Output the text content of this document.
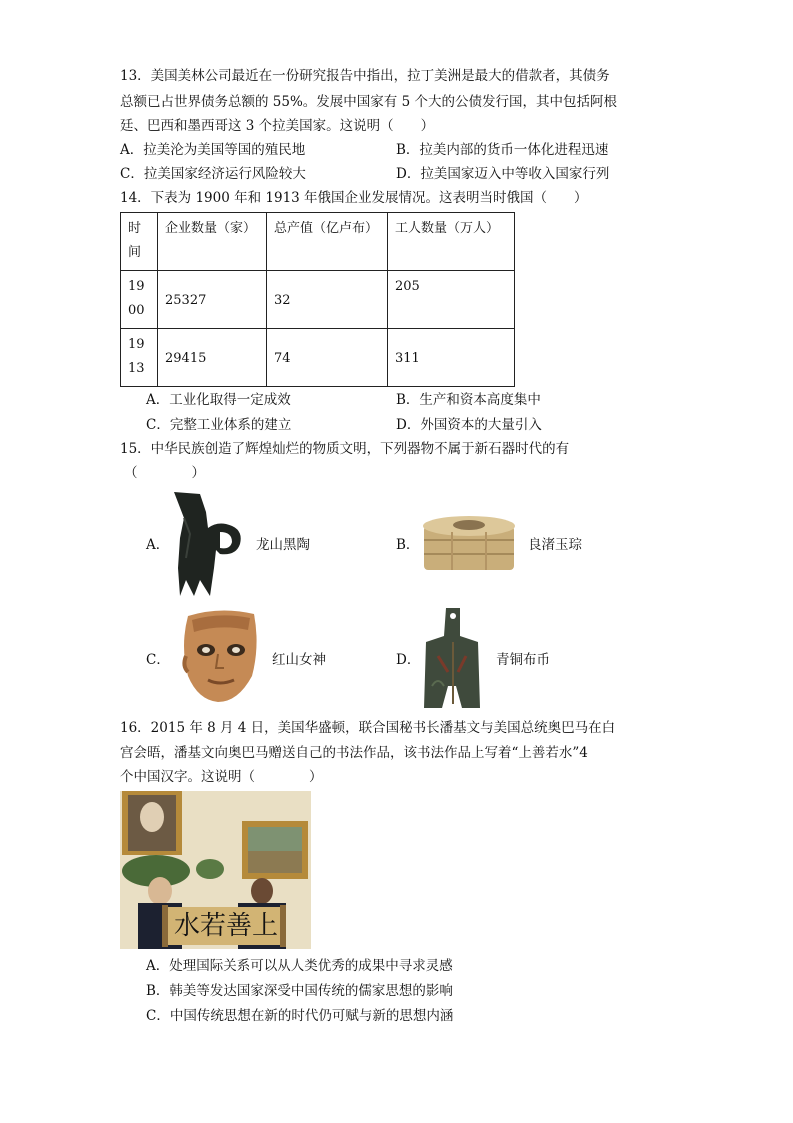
13．美国美林公司最近在一份研究报告中指出，拉丁美洲是最大的借款者，其债务
总额已占世界债务总额的 55%。发展中国家有 5 个大的公债发行国，其中包括阿根
廷、巴西和墨西哥这 3 个拉美国家。这说明（　　）
A．拉美沦为美国等国的殖民地	B．拉美内部的货币一体化进程迅速
C．拉美国家经济运行风险较大	D．拉美国家迈入中等收入国家行列
14．下表为 1900 年和 1913 年俄国企业发展情况。这表明当时俄国（　　）
时间	企业数量（家）	总产值（亿卢布）	工人数量（万人）
1900	25327	32	205
1913	29415	74	311
A．工业化取得一定成效	B．生产和资本高度集中
C．完整工业体系的建立	D．外国资本的大量引入
15．中华民族创造了辉煌灿烂的物质文明，下列器物不属于新石器时代的有
（　　　　）
A．	龙山黑陶	B．	良渚玉琮
C．	红山女神	D．	青铜布币
16．2015 年 8 月 4 日，美国华盛顿，联合国秘书长潘基文与美国总统奥巴马在白
宫会晤，潘基文向奥巴马赠送自己的书法作品，该书法作品上写着“上善若水”4
个中国汉字。这说明（　　　　）
水 若 善 上
A．处理国际关系可以从人类优秀的成果中寻求灵感
B．韩美等发达国家深受中国传统的儒家思想的影响
C．中国传统思想在新的时代仍可赋与新的思想内涵
